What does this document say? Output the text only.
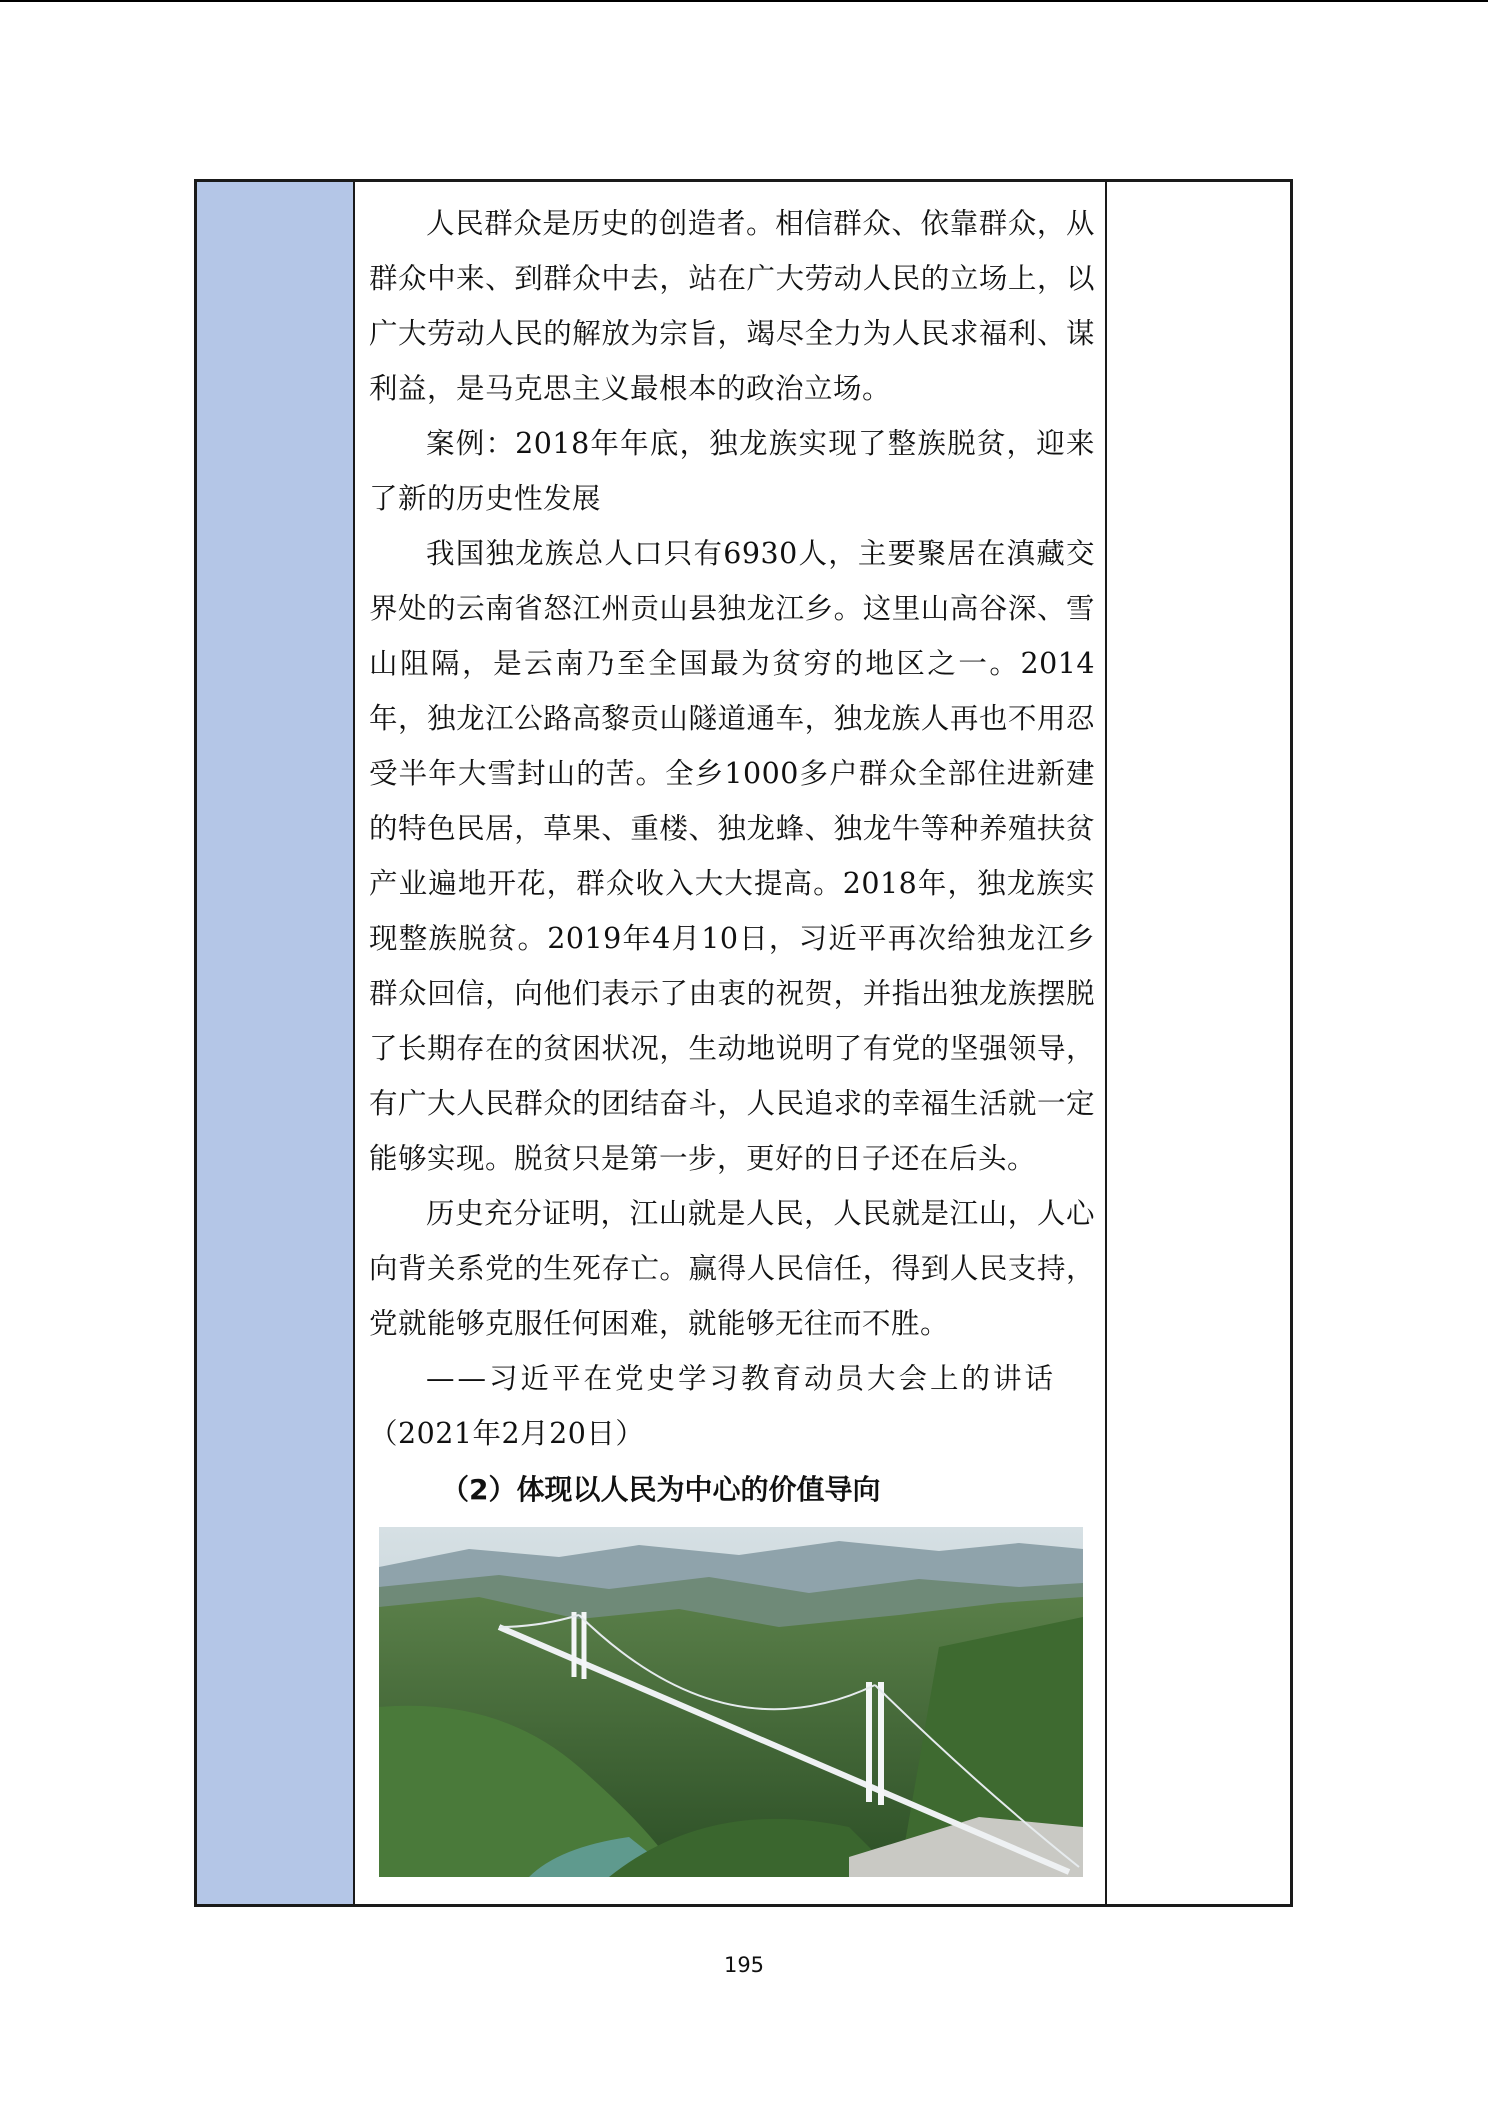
人民群众是历史的创造者。相信群众、依靠群众，从群众中来、到群众中去，站在广大劳动人民的立场上，以广大劳动人民的解放为宗旨，竭尽全力为人民求福利、谋利益，是马克思主义最根本的政治立场。

案例：2018年年底，独龙族实现了整族脱贫，迎来了新的历史性发展

我国独龙族总人口只有6930人，主要聚居在滇藏交界处的云南省怒江州贡山县独龙江乡。这里山高谷深、雪山阻隔，是云南乃至全国最为贫穷的地区之一。2014年，独龙江公路高黎贡山隧道通车，独龙族人再也不用忍受半年大雪封山的苦。全乡1000多户群众全部住进新建的特色民居，草果、重楼、独龙蜂、独龙牛等种养殖扶贫产业遍地开花，群众收入大大提高。2018年，独龙族实现整族脱贫。2019年4月10日，习近平再次给独龙江乡群众回信，向他们表示了由衷的祝贺，并指出独龙族摆脱了长期存在的贫困状况，生动地说明了有党的坚强领导，有广大人民群众的团结奋斗，人民追求的幸福生活就一定能够实现。脱贫只是第一步，更好的日子还在后头。

历史充分证明，江山就是人民，人民就是江山，人心向背关系党的生死存亡。赢得人民信任，得到人民支持，党就能够克服任何困难，就能够无往而不胜。

——习近平在党史学习教育动员大会上的讲话

（2021年2月20日）

（2）体现以人民为中心的价值导向

195
